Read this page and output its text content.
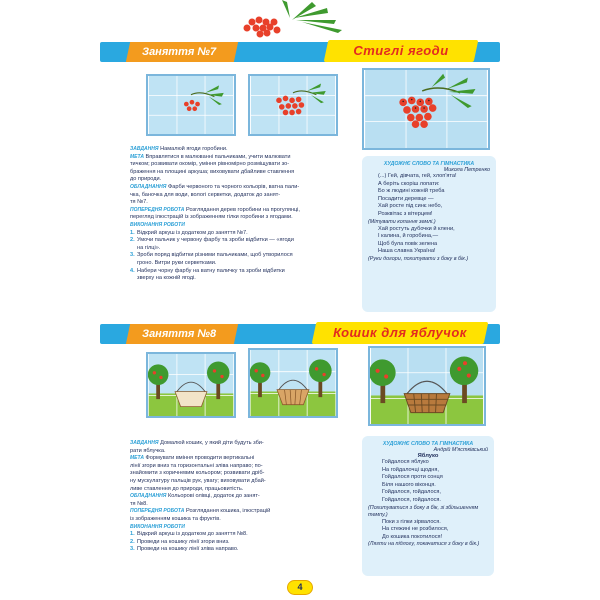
Заняття №7	Стиглі ягоди
ЗАВДАННЯ Намалюй ягоди горобини.
МЕТА Вправлятися в малюванні пальчиками, учити малювати
тичком; розвивати окомір, уміння рівномірно розміщувати зо-
браження на площині аркуша; виховувати дбайливе ставлення
до природи.
ОБЛАДНАННЯ Фарби червоного та чорного кольорів, ватна пали-
чка, баночка для води, вологі серветки, додаток до занят-
тя №7.
ПОПЕРЕДНЯ РОБОТА Розглядання дерев горобини на прогулянці,
перегляд ілюстрацій із зображенням гілки горобини з ягодами.
ВИКОНАННЯ РОБОТИ
1. Відкрий аркуш із додатком до заняття №7.
2. Умочи пальчик у червону фарбу та зроби відбитки — «ягоди
на гілці».
3. Зроби поряд відбитки різними пальчиками, щоб утворилося
гроно. Витри руки серветками.
4. Набери чорну фарбу на ватну паличку та зроби відбитки
зверху на кожній ягоді.
ХУДОЖНЄ СЛОВО ТА ГІМНАСТИКА
Микола Петренко
(...) Гей, дівчата, гей, хлоп'ята!
А берiть скоріш лопати:
Бо ж людині кожній треба
Посадити деревце —
Хай росте під синє небо,
Розквітає з вітерцем!
(Мітувати копання землі.)
Хай ростуть дубочки й клени,
І калина, й горобина,—
Щоб була повік зелена
Наша славна Україна!
(Руки догори, похитувати з боку в бік.)
Заняття №8	Кошик для яблучок
ЗАВДАННЯ Домалюй кошик, у який діти будуть зби-
рати яблучка.
МЕТА Формувати вміння проводити вертикальні
лінії згори вниз та горизонтальні зліва направо; по-
знайомити з коричневим кольором; розвивати дріб-
ну мускулатуру пальців рук, увагу; виховувати дбай-
ливе ставлення до природи, працьовитість.
ОБЛАДНАННЯ Кольорові олівці, додаток до занят-
тя №8.
ПОПЕРЕДНЯ РОБОТА Розглядання кошика, ілюстрацій
із зображенням кошика та фруктів.
ВИКОНАННЯ РОБОТИ
1. Відкрий аркуш із додатком до заняття №8.
2. Проведи на кошику лінії згори вниз.
3. Проведи на кошику лінії зліва направо.
ХУДОЖНЄ СЛОВО ТА ГІМНАСТИКА
Андрій М'ястківський
Яблуко
Гойдалося яблуко
На гойдалочці щодня,
Гойдалося проти сонця
Біля нашого віконця.
Гойдалося, гойдалося,
Гойдалося, гойдалося.
(Похитуватися з боку в бік, зі збільшенням темпу.)
Поки з гілки зірвалося.
На стежині не розбилося,
До кошика покотилося!
(Лягти на підлогу, покачатися з боку в бік.)
4
